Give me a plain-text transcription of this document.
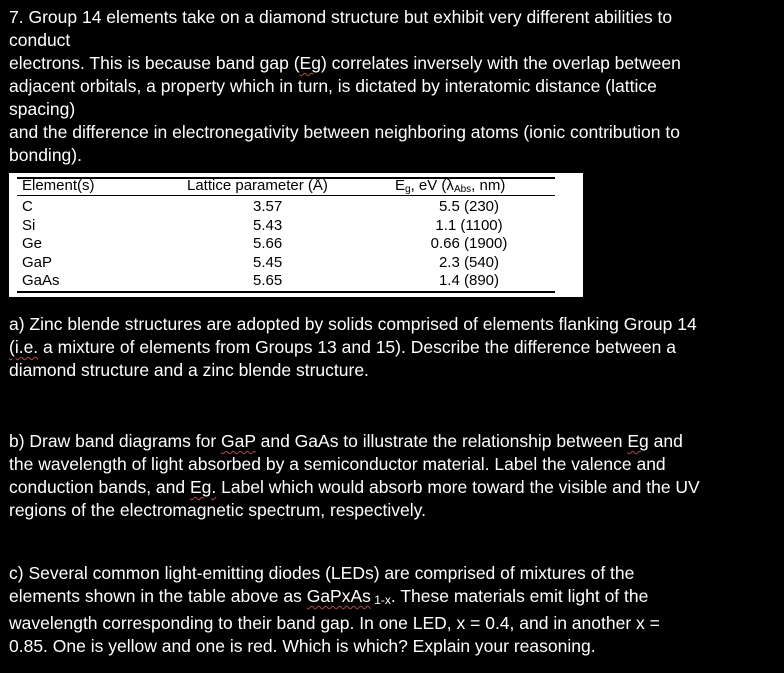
7. Group 14 elements take on a diamond structure but exhibit very different abilities to
conduct
electrons. This is because band gap (Eg) correlates inversely with the overlap between
adjacent orbitals, a property which in turn, is dictated by interatomic distance (lattice
spacing)
and the difference in electronegativity between neighboring atoms (ionic contribution to
bonding).

Element(s)	Lattice parameter (Å)	$E_g$, eV ($\lambda_{Abs}$, nm)
C	3.57	5.5 (230)
Si	5.43	1.1 (1100)
Ge	5.66	0.66 (1900)
GaP	5.45	2.3 (540)
GaAs	5.65	1.4 (890)

a) Zinc blende structures are adopted by solids comprised of elements flanking Group 14
(i.e. a mixture of elements from Groups 13 and 15). Describe the difference between a
diamond structure and a zinc blende structure.

b) Draw band diagrams for GaP and GaAs to illustrate the relationship between Eg and
the wavelength of light absorbed by a semiconductor material. Label the valence and
conduction bands, and Eg. Label which would absorb more toward the visible and the UV
regions of the electromagnetic spectrum, respectively.

c) Several common light-emitting diodes (LEDs) are comprised of mixtures of the
elements shown in the table above as GaPxAs 1-x. These materials emit light of the
wavelength corresponding to their band gap. In one LED, x = 0.4, and in another x =
0.85. One is yellow and one is red. Which is which? Explain your reasoning.
